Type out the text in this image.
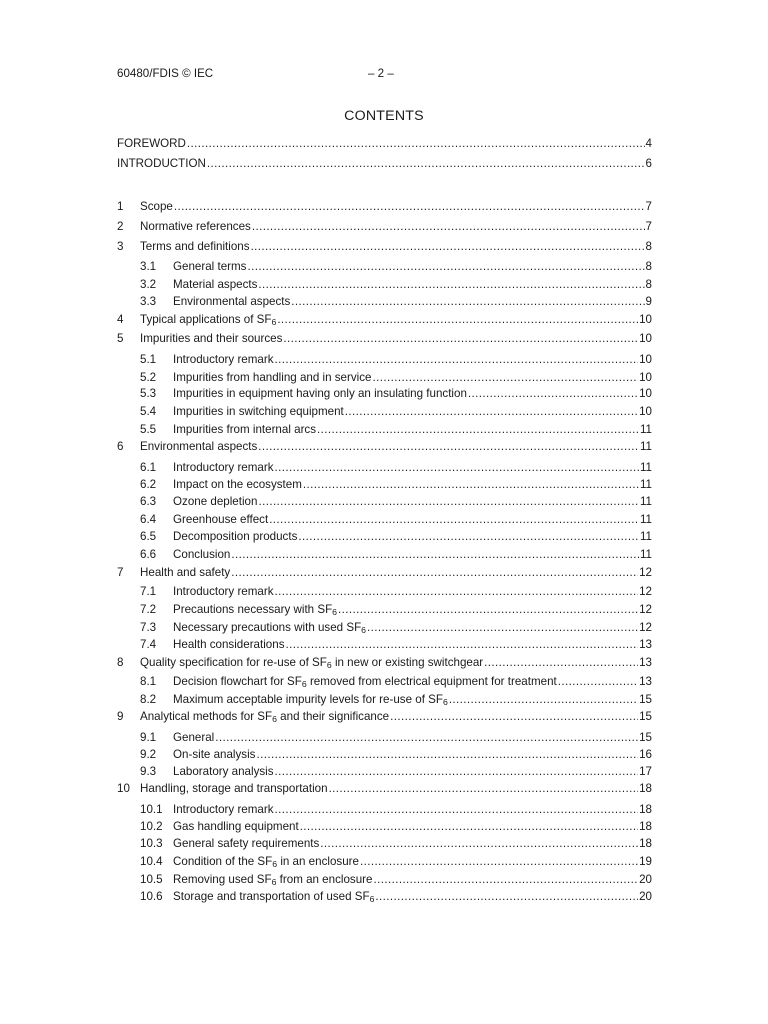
60480/FDIS © IEC	– 2 –
CONTENTS
FOREWORD .....	4
INTRODUCTION .....	6
1	Scope .....	7
2	Normative references .....	7
3	Terms and definitions .....	8
3.1	General terms .....	8
3.2	Material aspects .....	8
3.3	Environmental aspects .....	9
4	Typical applications of $SF_6$ .....	10
5	Impurities and their sources .....	10
5.1	Introductory remark .....	10
5.2	Impurities from handling and in service .....	10
5.3	Impurities in equipment having only an insulating function .....	10
5.4	Impurities in switching equipment .....	10
5.5	Impurities from internal arcs .....	11
6	Environmental aspects .....	11
6.1	Introductory remark .....	11
6.2	Impact on the ecosystem .....	11
6.3	Ozone depletion .....	11
6.4	Greenhouse effect .....	11
6.5	Decomposition products .....	11
6.6	Conclusion .....	11
7	Health and safety .....	12
7.1	Introductory remark .....	12
7.2	Precautions necessary with $SF_6$ .....	12
7.3	Necessary precautions with used $SF_6$ .....	12
7.4	Health considerations .....	13
8	Quality specification for re-use of $SF_6$ in new or existing switchgear .....	13
8.1	Decision flowchart for $SF_6$ removed from electrical equipment for treatment .....	13
8.2	Maximum acceptable impurity levels for re-use of $SF_6$ .....	15
9	Analytical methods for $SF_6$ and their significance .....	15
9.1	General .....	15
9.2	On-site analysis .....	16
9.3	Laboratory analysis .....	17
10 Handling, storage and transportation .....	18
10.1 Introductory remark .....	18
10.2 Gas handling equipment .....	18
10.3 General safety requirements .....	18
10.4 Condition of the $SF_6$ in an enclosure .....	19
10.5 Removing used $SF_6$ from an enclosure .....	20
10.6 Storage and transportation of used $SF_6$ .....	20
